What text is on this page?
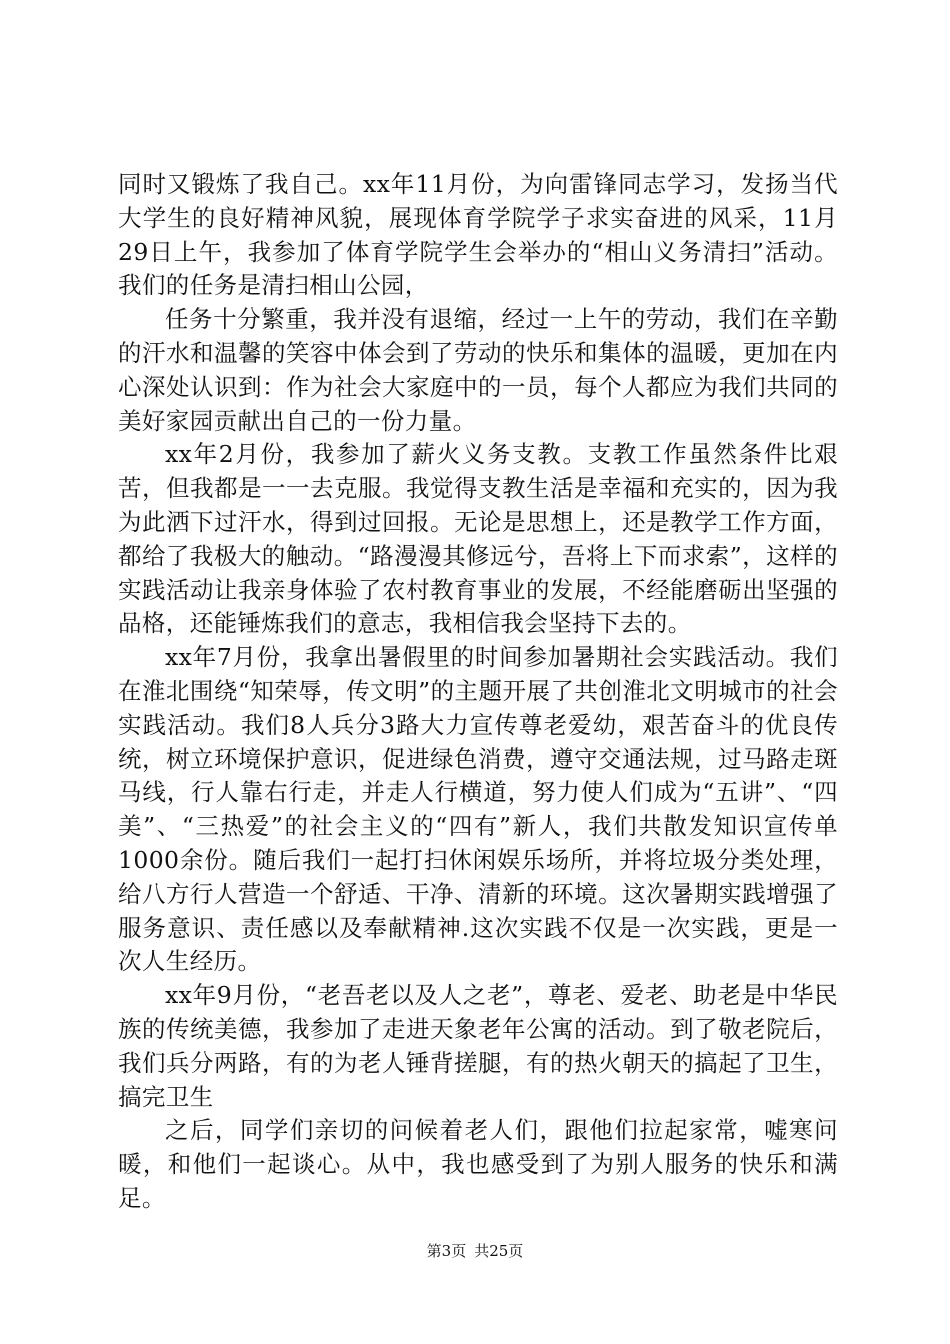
同时又锻炼了我自己。xx年11月份，为向雷锋同志学习，发扬当代大学生的良好精神风貌，展现体育学院学子求实奋进的风采，11月29日上午，我参加了体育学院学生会举办的“相山义务清扫”活动。我们的任务是清扫相山公园，

任务十分繁重，我并没有退缩，经过一上午的劳动，我们在辛勤的汗水和温馨的笑容中体会到了劳动的快乐和集体的温暖，更加在内心深处认识到：作为社会大家庭中的一员，每个人都应为我们共同的美好家园贡献出自己的一份力量。

xx年2月份，我参加了薪火义务支教。支教工作虽然条件比艰苦，但我都是一一去克服。我觉得支教生活是幸福和充实的，因为我为此洒下过汗水，得到过回报。无论是思想上，还是教学工作方面，都给了我极大的触动。“路漫漫其修远兮，吾将上下而求索”，这样的实践活动让我亲身体验了农村教育事业的发展，不经能磨砺出坚强的品格，还能锤炼我们的意志，我相信我会坚持下去的。

xx年7月份，我拿出暑假里的时间参加暑期社会实践活动。我们在淮北围绕“知荣辱，传文明”的主题开展了共创淮北文明城市的社会实践活动。我们8人兵分3路大力宣传尊老爱幼，艰苦奋斗的优良传统，树立环境保护意识，促进绿色消费，遵守交通法规，过马路走斑马线，行人靠右行走，并走人行横道，努力使人们成为“五讲”、“四美”、“三热爱”的社会主义的“四有”新人，我们共散发知识宣传单1000余份。随后我们一起打扫休闲娱乐场所，并将垃圾分类处理，给八方行人营造一个舒适、干净、清新的环境。这次暑期实践增强了服务意识、责任感以及奉献精神.这次实践不仅是一次实践，更是一次人生经历。

xx年9月份，“老吾老以及人之老”，尊老、爱老、助老是中华民族的传统美德，我参加了走进天象老年公寓的活动。到了敬老院后，我们兵分两路，有的为老人锤背搓腿，有的热火朝天的搞起了卫生，搞完卫生

之后，同学们亲切的问候着老人们，跟他们拉起家常，嘘寒问暖，和他们一起谈心。从中，我也感受到了为别人服务的快乐和满足。

第3页 共25页
